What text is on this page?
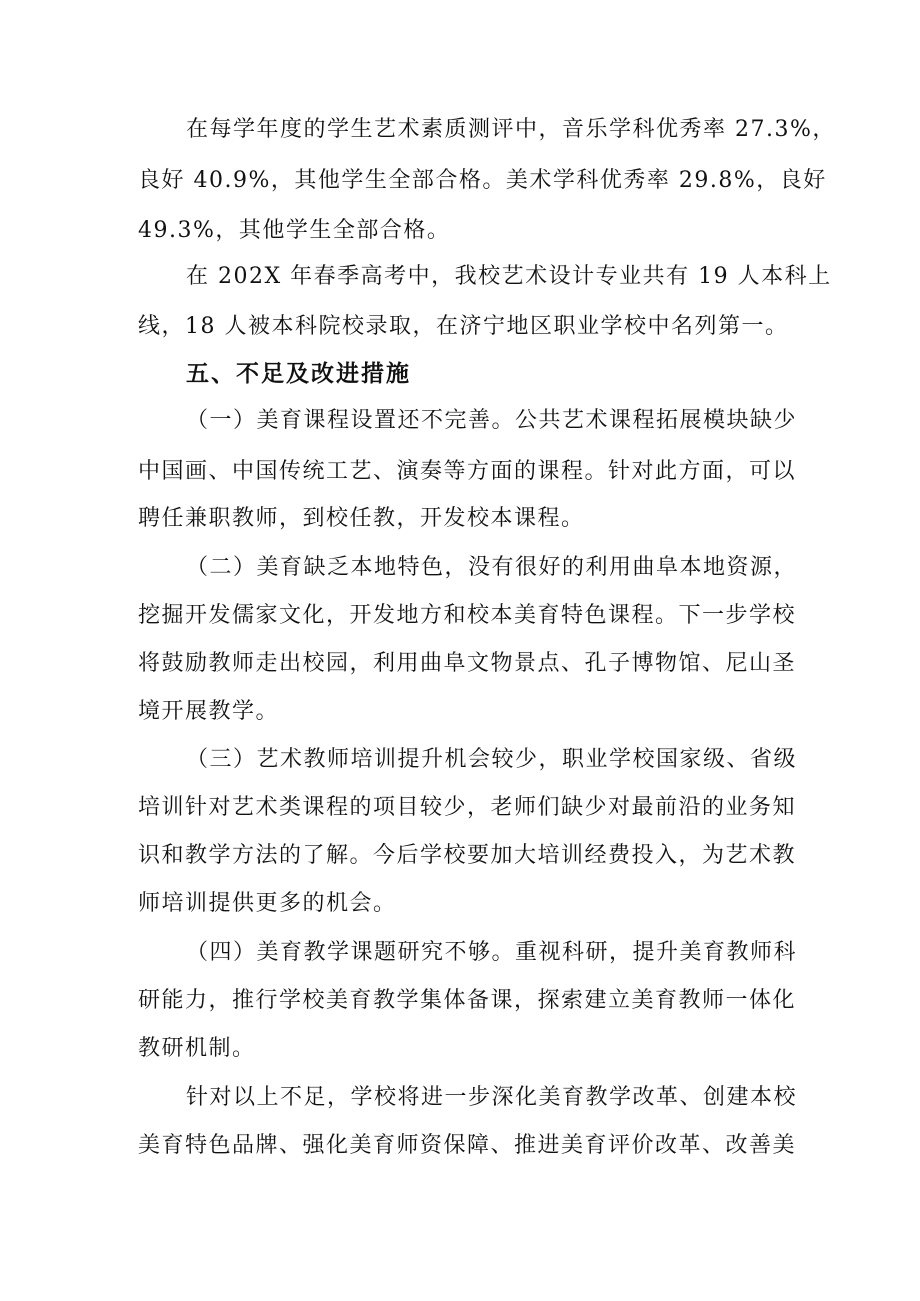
在每学年度的学生艺术素质测评中，音乐学科优秀率 27.3%，
良好 40.9%，其他学生全部合格。美术学科优秀率 29.8%，良好
49.3%，其他学生全部合格。
在 202X 年春季高考中，我校艺术设计专业共有 19 人本科上
线，18 人被本科院校录取，在济宁地区职业学校中名列第一。
五、不足及改进措施
（一）美育课程设置还不完善。公共艺术课程拓展模块缺少
中国画、中国传统工艺、演奏等方面的课程。针对此方面，可以
聘任兼职教师，到校任教，开发校本课程。
（二）美育缺乏本地特色，没有很好的利用曲阜本地资源，
挖掘开发儒家文化，开发地方和校本美育特色课程。下一步学校
将鼓励教师走出校园，利用曲阜文物景点、孔子博物馆、尼山圣
境开展教学。
（三）艺术教师培训提升机会较少，职业学校国家级、省级
培训针对艺术类课程的项目较少，老师们缺少对最前沿的业务知
识和教学方法的了解。今后学校要加大培训经费投入，为艺术教
师培训提供更多的机会。
（四）美育教学课题研究不够。重视科研，提升美育教师科
研能力，推行学校美育教学集体备课，探索建立美育教师一体化
教研机制。
针对以上不足，学校将进一步深化美育教学改革、创建本校
美育特色品牌、强化美育师资保障、推进美育评价改革、改善美
